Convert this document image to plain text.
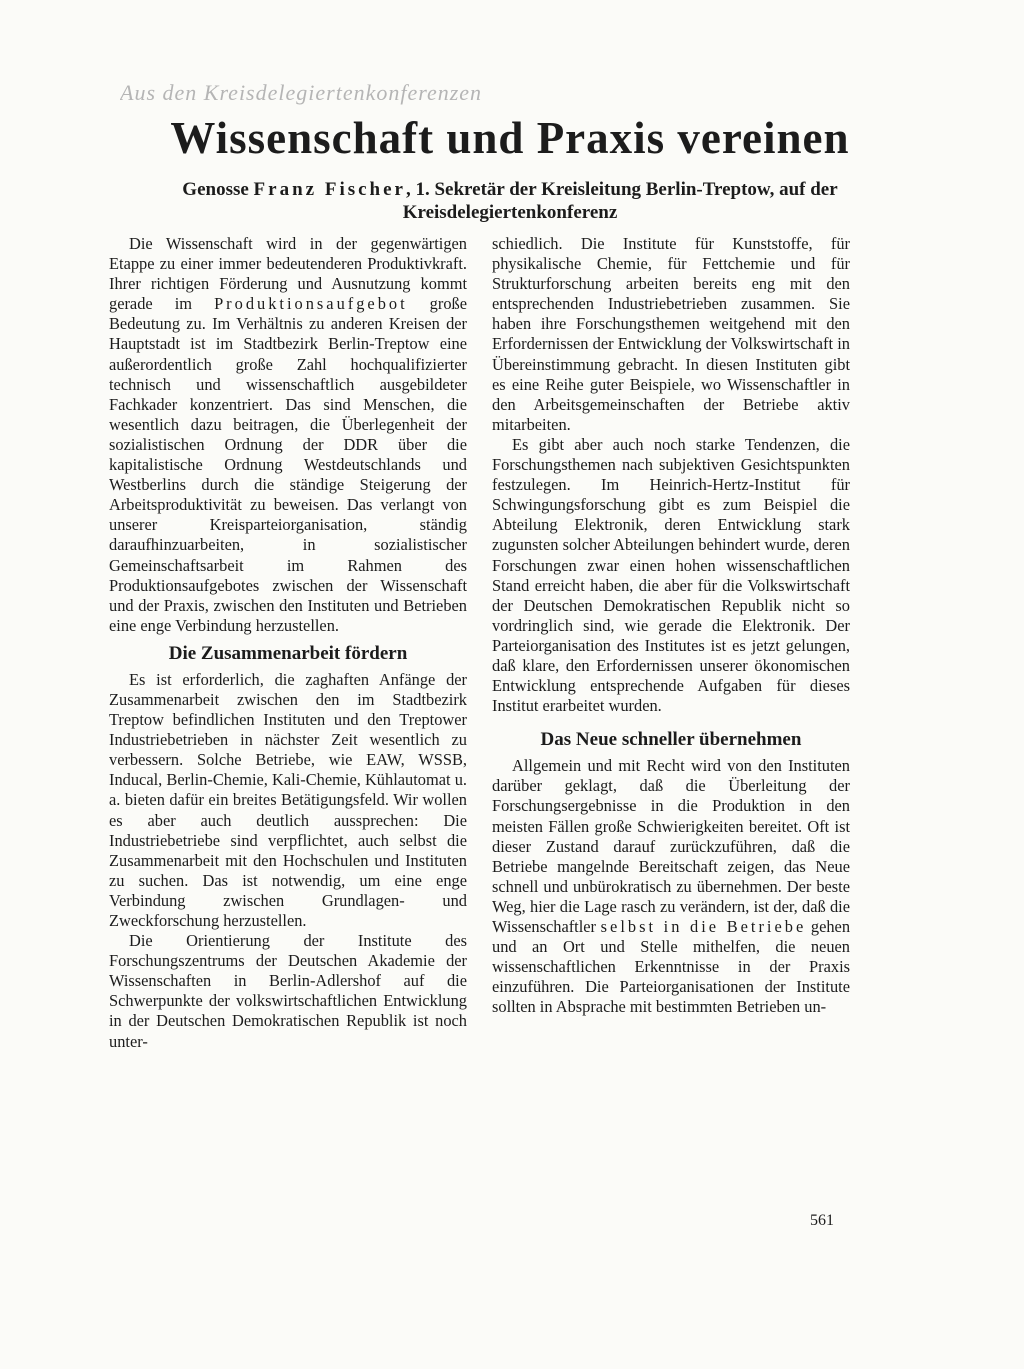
Aus den Kreisdelegiertenkonferenzen
Wissenschaft und Praxis vereinen
Genosse Franz Fischer, 1. Sekretär der Kreisleitung Berlin-Treptow, auf der Kreisdelegiertenkonferenz

Die Wissenschaft wird in der gegenwärtigen Etappe zu einer immer bedeutenderen Produktivkraft. Ihrer richtigen Förderung und Ausnutzung kommt gerade im Produktionsaufgebot große Bedeutung zu. Im Verhältnis zu anderen Kreisen der Hauptstadt ist im Stadtbezirk Berlin-Treptow eine außerordentlich große Zahl hochqualifizierter technisch und wissenschaftlich ausgebildeter Fachkader konzentriert. Das sind Menschen, die wesentlich dazu beitragen, die Überlegenheit der sozialistischen Ordnung der DDR über die kapitalistische Ordnung Westdeutschlands und Westberlins durch die ständige Steigerung der Arbeitsproduktivität zu beweisen. Das verlangt von unserer Kreisparteiorganisation, ständig daraufhinzuarbeiten, in sozialistischer Gemeinschaftsarbeit im Rahmen des Produktionsaufgebotes zwischen der Wissenschaft und der Praxis, zwischen den Instituten und Betrieben eine enge Verbindung herzustellen.

Die Zusammenarbeit fördern

Es ist erforderlich, die zaghaften Anfänge der Zusammenarbeit zwischen den im Stadtbezirk Treptow befindlichen Instituten und den Treptower Industriebetrieben in nächster Zeit wesentlich zu verbessern. Solche Betriebe, wie EAW, WSSB, Inducal, Berlin-Chemie, Kali-Chemie, Kühlautomat u. a. bieten dafür ein breites Betätigungsfeld. Wir wollen es aber auch deutlich aussprechen: Die Industriebetriebe sind verpflichtet, auch selbst die Zusammenarbeit mit den Hochschulen und Instituten zu suchen. Das ist notwendig, um eine enge Verbindung zwischen Grundlagen- und Zweckforschung herzustellen.

Die Orientierung der Institute des Forschungszentrums der Deutschen Akademie der Wissenschaften in Berlin-Adlershof auf die Schwerpunkte der volkswirtschaftlichen Entwicklung in der Deutschen Demokratischen Republik ist noch unter-

schiedlich. Die Institute für Kunststoffe, für physikalische Chemie, für Fettchemie und für Strukturforschung arbeiten bereits eng mit den entsprechenden Industriebetrieben zusammen. Sie haben ihre Forschungsthemen weitgehend mit den Erfordernissen der Entwicklung der Volkswirtschaft in Übereinstimmung gebracht. In diesen Instituten gibt es eine Reihe guter Beispiele, wo Wissenschaftler in den Arbeitsgemeinschaften der Betriebe aktiv mitarbeiten.

Es gibt aber auch noch starke Tendenzen, die Forschungsthemen nach subjektiven Gesichtspunkten festzulegen. Im Heinrich-Hertz-Institut für Schwingungsforschung gibt es zum Beispiel die Abteilung Elektronik, deren Entwicklung stark zugunsten solcher Abteilungen behindert wurde, deren Forschungen zwar einen hohen wissenschaftlichen Stand erreicht haben, die aber für die Volkswirtschaft der Deutschen Demokratischen Republik nicht so vordringlich sind, wie gerade die Elektronik. Der Parteiorganisation des Institutes ist es jetzt gelungen, daß klare, den Erfordernissen unserer ökonomischen Entwicklung entsprechende Aufgaben für dieses Institut erarbeitet wurden.

Das Neue schneller übernehmen

Allgemein und mit Recht wird von den Instituten darüber geklagt, daß die Überleitung der Forschungsergebnisse in die Produktion in den meisten Fällen große Schwierigkeiten bereitet. Oft ist dieser Zustand darauf zurückzuführen, daß die Betriebe mangelnde Bereitschaft zeigen, das Neue schnell und unbürokratisch zu übernehmen. Der beste Weg, hier die Lage rasch zu verändern, ist der, daß die Wissenschaftler selbst in die Betriebe gehen und an Ort und Stelle mithelfen, die neuen wissenschaftlichen Erkenntnisse in der Praxis einzuführen. Die Parteiorganisationen der Institute sollten in Absprache mit bestimmten Betrieben un-

561
